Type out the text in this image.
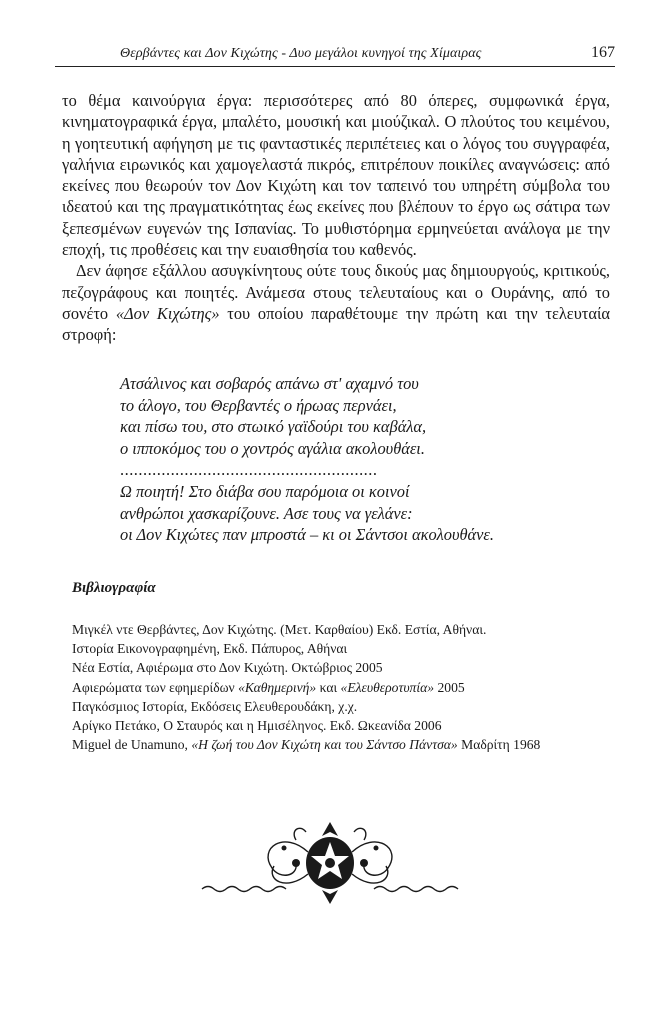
Θερβάντες και Δον Κιχώτης - Δυο μεγάλοι κυνηγοί της Χίμαιρας	167

το θέμα καινούργια έργα: περισσότερες από 80 όπερες, συμφωνικά έργα, κινηματογραφικά έργα, μπαλέτο, μουσική και μιούζικαλ. Ο πλούτος του κειμένου, η γοητευτική αφήγηση με τις φανταστικές περιπέτειες και ο λόγος του συγγραφέα, γαλήνια ειρωνικός και χαμογελαστά πικρός, επιτρέπουν ποικίλες αναγνώσεις: από εκείνες που θεωρούν τον Δον Κιχώτη και τον ταπεινό του υπηρέτη σύμβολα του ιδεατού και της πραγματικότητας έως εκείνες που βλέπουν το έργο ως σάτιρα των ξεπεσμένων ευγενών της Ισπανίας. Το μυθιστόρημα ερμηνεύεται ανάλογα με την εποχή, τις προθέσεις και την ευαισθησία του καθενός.

Δεν άφησε εξάλλου ασυγκίνητους ούτε τους δικούς μας δημιουργούς, κριτικούς, πεζογράφους και ποιητές. Ανάμεσα στους τελευταίους και ο Ουράνης, από το σονέτο «Δον Κιχώτης» του οποίου παραθέτουμε την πρώτη και την τελευταία στροφή:

Ατσάλινος και σοβαρός απάνω στ' αχαμνό του
το άλογο, του Θερβαντές ο ήρωας περνάει,
και πίσω του, στο στωικό γαϊδούρι του καβάλα,
ο ιπποκόμος του ο χοντρός αγάλια ακολουθάει.
........................................................
Ω ποιητή! Στο διάβα σου παρόμοια οι κοινοί
ανθρώποι χασκαρίζουνε. Ασε τους να γελάνε:
οι Δον Κιχώτες παν μπροστά – κι οι Σάντσοι ακολουθάνε.
Βιβλιογραφία
Μιγκέλ ντε Θερβάντες, Δον Κιχώτης. (Μετ. Καρθαίου) Εκδ. Εστία, Αθήναι.
Ιστορία Εικονογραφημένη, Εκδ. Πάπυρος, Αθήναι
Νέα Εστία, Αφιέρωμα στο Δον Κιχώτη. Οκτώβριος 2005
Αφιερώματα των εφημερίδων «Καθημερινή» και «Ελευθεροτυπία» 2005
Παγκόσμιος Ιστορία, Εκδόσεις Ελευθερουδάκη, χ.χ.
Αρίγκο Πετάκο, Ο Σταυρός και η Ημισέληνος. Εκδ. Ωκεανίδα 2006
Miguel de Unamuno, «Η ζωή του Δον Κιχώτη και του Σάντσο Πάντσα» Μαδρίτη 1968
